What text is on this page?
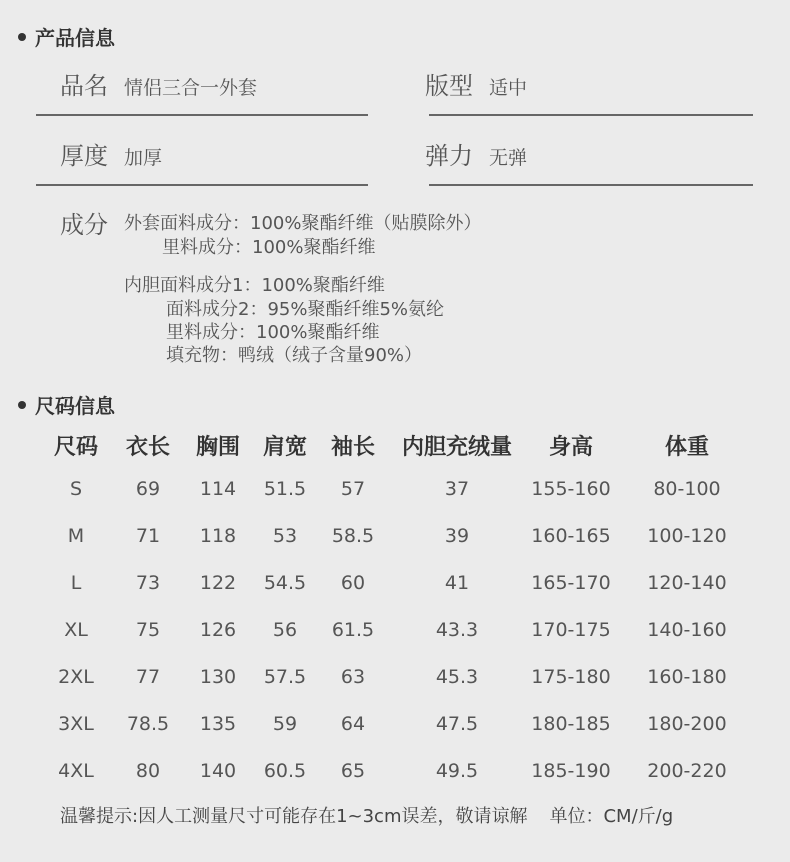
产品信息
品名 情侣三合一外套	版型 适中
厚度 加厚	弹力 无弹
成分 外套面料成分：100%聚酯纤维（贴膜除外）
里料成分：100%聚酯纤维
内胆面料成分1：100%聚酯纤维
面料成分2：95%聚酯纤维5%氨纶
里料成分：100%聚酯纤维
填充物：鸭绒（绒子含量90%）
尺码信息
尺码	衣长	胸围	肩宽	袖长	内胆充绒量	身高	体重
S	69	114	51.5	57	37	155-160	80-100
M	71	118	53	58.5	39	160-165	100-120
L	73	122	54.5	60	41	165-170	120-140
XL	75	126	56	61.5	43.3	170-175	140-160
2XL	77	130	57.5	63	45.3	175-180	160-180
3XL	78.5	135	59	64	47.5	180-185	180-200
4XL	80	140	60.5	65	49.5	185-190	200-220
温馨提示:因人工测量尺寸可能存在1~3cm误差，敬请谅解 单位：CM/斤/g
